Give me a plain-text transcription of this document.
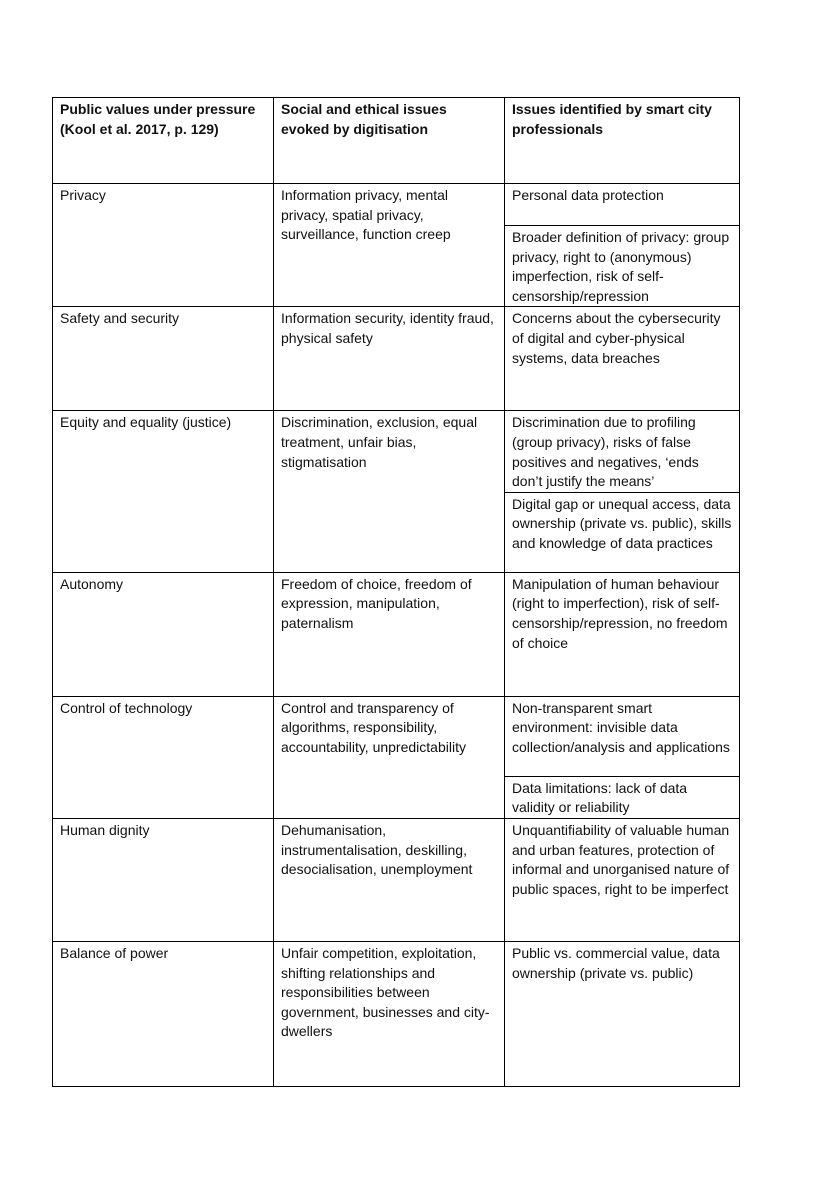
Public values under pressure (Kool et al. 2017, p. 129)	Social and ethical issues evoked by digitisation	Issues identified by smart city professionals
Privacy	Information privacy, mental privacy, spatial privacy, surveillance, function creep	Personal data protection
		Broader definition of privacy: group privacy, right to (anonymous) imperfection, risk of self-censorship/repression
Safety and security	Information security, identity fraud, physical safety	Concerns about the cybersecurity of digital and cyber-physical systems, data breaches
Equity and equality (justice)	Discrimination, exclusion, equal treatment, unfair bias, stigmatisation	Discrimination due to profiling (group privacy), risks of false positives and negatives, ‘ends don’t justify the means’
		Digital gap or unequal access, data ownership (private vs. public), skills and knowledge of data practices
Autonomy	Freedom of choice, freedom of expression, manipulation, paternalism	Manipulation of human behaviour (right to imperfection), risk of self-censorship/repression, no freedom of choice
Control of technology	Control and transparency of algorithms, responsibility, accountability, unpredictability	Non-transparent smart environment: invisible data collection/analysis and applications
		Data limitations: lack of data validity or reliability
Human dignity	Dehumanisation, instrumentalisation, deskilling, desocialisation, unemployment	Unquantifiability of valuable human and urban features, protection of informal and unorganised nature of public spaces, right to be imperfect
Balance of power	Unfair competition, exploitation, shifting relationships and responsibilities between government, businesses and city-dwellers	Public vs. commercial value, data ownership (private vs. public)
